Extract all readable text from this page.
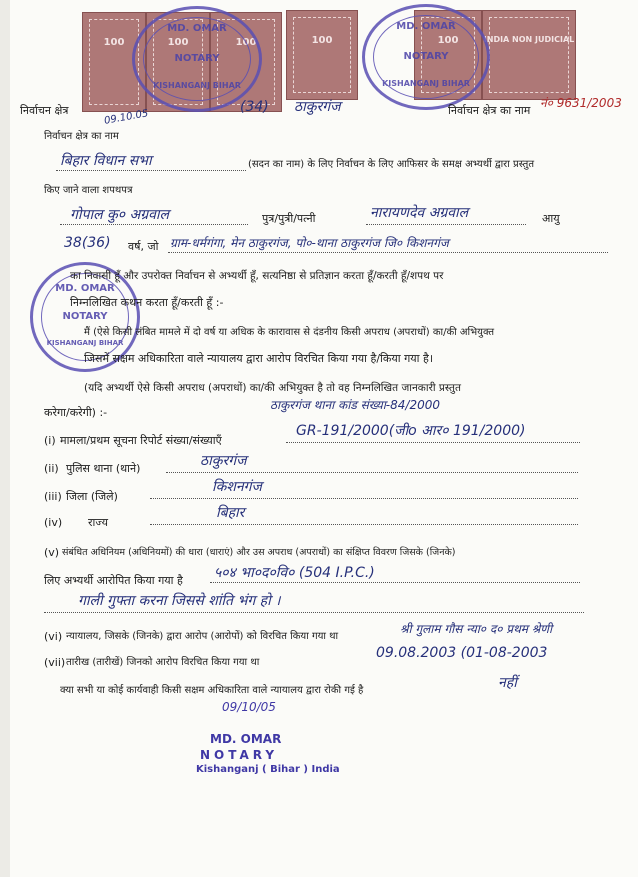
100	100	100	100	100	INDIA NON JUDICIAL
MD. OMAR
NOTARY
KISHANGANJ BIHAR
MD. OMAR
NOTARY
KISHANGANJ BIHAR
MD. OMAR
NOTARY
KISHANGANJ BIHAR
09.10.05
निर्वाचन क्षेत्र	(34) ठाकुरगंज	निर्वाचन क्षेत्र का नाम
नं० 9631/2003
निर्वाचन क्षेत्र का नाम
बिहार विधान सभा	(सदन का नाम) के लिए निर्वाचन के लिए आफिसर के समक्ष अभ्यर्थी द्वारा प्रस्तुत
किए जाने वाला शपथपत्र
गोपाल कु० अग्रवाल	पुत्र/पुत्री/पत्नी	नारायणदेव अग्रवाल	आयु
38(36) वर्ष, जो ग्राम-धर्मगंगा, मेन ठाकुरगंज, पो०-थाना ठाकुरगंज जि० किशनगंज
का निवासी हूँ और उपरोक्त निर्वाचन से अभ्यर्थी हूँ, सत्यनिष्ठा से प्रतिज्ञान करता हूँ/करती हूँ/शपथ पर
निम्नलिखित कथन करता हूँ/करती हूँ :-
मैं (ऐसे किसी लंबित मामले में दो वर्ष या अधिक के कारावास से दंडनीय किसी अपराध (अपराधों) का/की अभियुक्त
जिसमें सक्षम अधिकारिता वाले न्यायालय द्वारा आरोप विरचित किया गया है/किया गया है।
(यदि अभ्यर्थी ऐसे किसी अपराध (अपराधों) का/की अभियुक्त है तो वह निम्नलिखित जानकारी प्रस्तुत
करेगा/करेगी) :-
ठाकुरगंज थाना कांड संख्या-84/2000
(i) मामला/प्रथम सूचना रिपोर्ट संख्या/संख्याएँ
GR-191/2000(जीo आर० 191/2000)
(ii) पुलिस थाना (थाने)	ठाकुरगंज
(iii) जिला (जिले)
किशनगंज
(iv) राज्य
बिहार
(v) संबंधित अधिनियम (अधिनियमों) की धारा (धाराएं) और उस अपराध (अपराधों) का संक्षिप्त विवरण जिसके (जिनके)
लिए अभ्यर्थी आरोपित किया गया है ५०४ भा०द०वि० (504 I.P.C.)
गाली गुफ्ता करना जिससे शांति भंग हो ।
(vi) न्यायालय, जिसके (जिनके) द्वारा आरोप (आरोपों) को विरचित किया गया था
श्री गुलाम गौस न्या० द० प्रथम श्रेणी
(vii) तारीख (तारीखें) जिनको आरोप विरचित किया गया था
09.08.2003 (01-08-2003
क्या सभी या कोई कार्यवाही किसी सक्षम अधिकारिता वाले न्यायालय द्वारा रोकी गई है	नहीं
09/10/05
MD. OMAR
NOTARY
Kishanganj ( Bihar ) India
